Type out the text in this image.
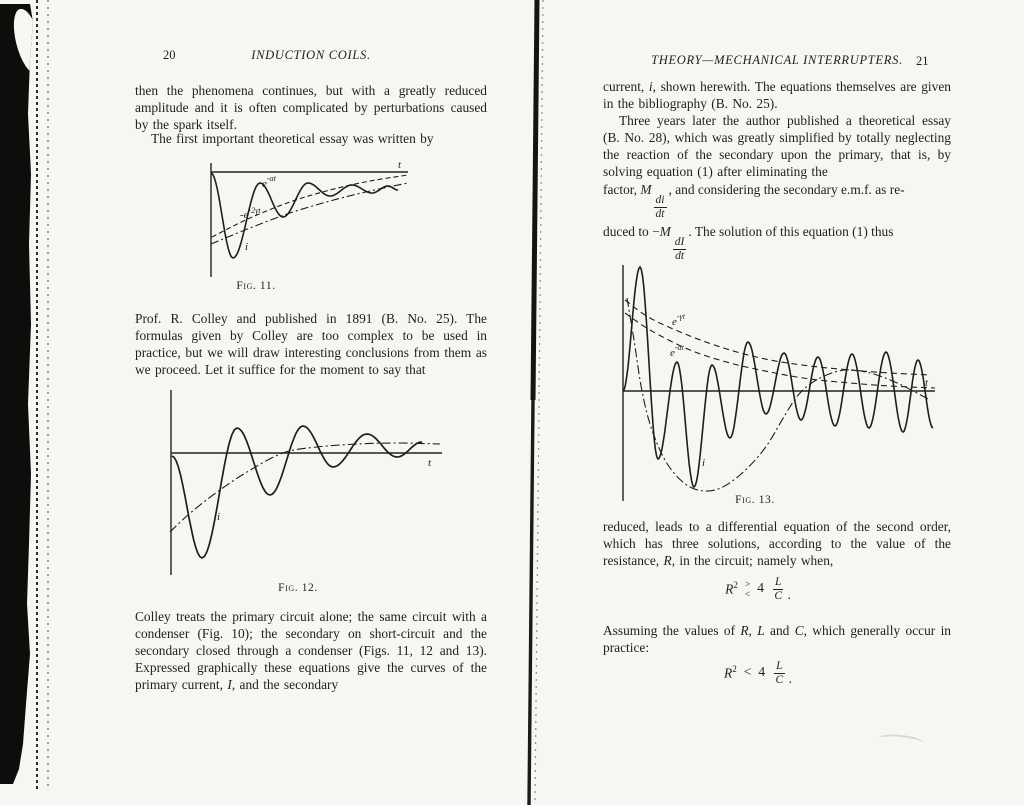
20	INDUCTION COILS.

then the phenomena continues, but with a greatly reduced amplitude and it is often complicated by perturbations caused by the spark itself.

The first important theoretical essay was written by

t
$e^{-\alpha t}$
$-e^{-2\gamma t}$
i
Fig. 11.

Prof. R. Colley and published in 1891 (B. No. 25). The formulas given by Colley are too complex to be used in practice, but we will draw interesting conclusions from them as we proceed. Let it suffice for the moment to say that

t
i
Fig. 12.

Colley treats the primary circuit alone; the same circuit with a condenser (Fig. 10); the secondary on short-circuit and the secondary closed through a condenser (Figs. 11, 12 and 13). Expressed graphically these equations give the curves of the primary current, I, and the secondary

THEORY—MECHANICAL INTERRUPTERS.	21

current, i, shown herewith. The equations themselves are given in the bibliography (B. No. 25).

Three years later the author published a theoretical essay (B. No. 28), which was greatly simplified by totally neglecting the reaction of the secondary upon the primary, that is, by solving equation (1) after eliminating the

factor, M
$\frac{di}{dt}$
, and considering the secondary e.m.f. as re-
duced to −M
$\frac{dI}{dt}$
. The solution of this equation (1) thus
t
$e^{-\gamma t}$
$e^{-\alpha t}$
i
Fig. 13.

reduced, leads to a differential equation of the second order, which has three solutions, according to the value of the resistance, R, in the circuit; namely when,

$R^2$ >
< $4 \frac{L}{C}$ .

Assuming the values of R, L and C, which generally occur in practice:

$R^2 < 4 \frac{L}{C}$ .
